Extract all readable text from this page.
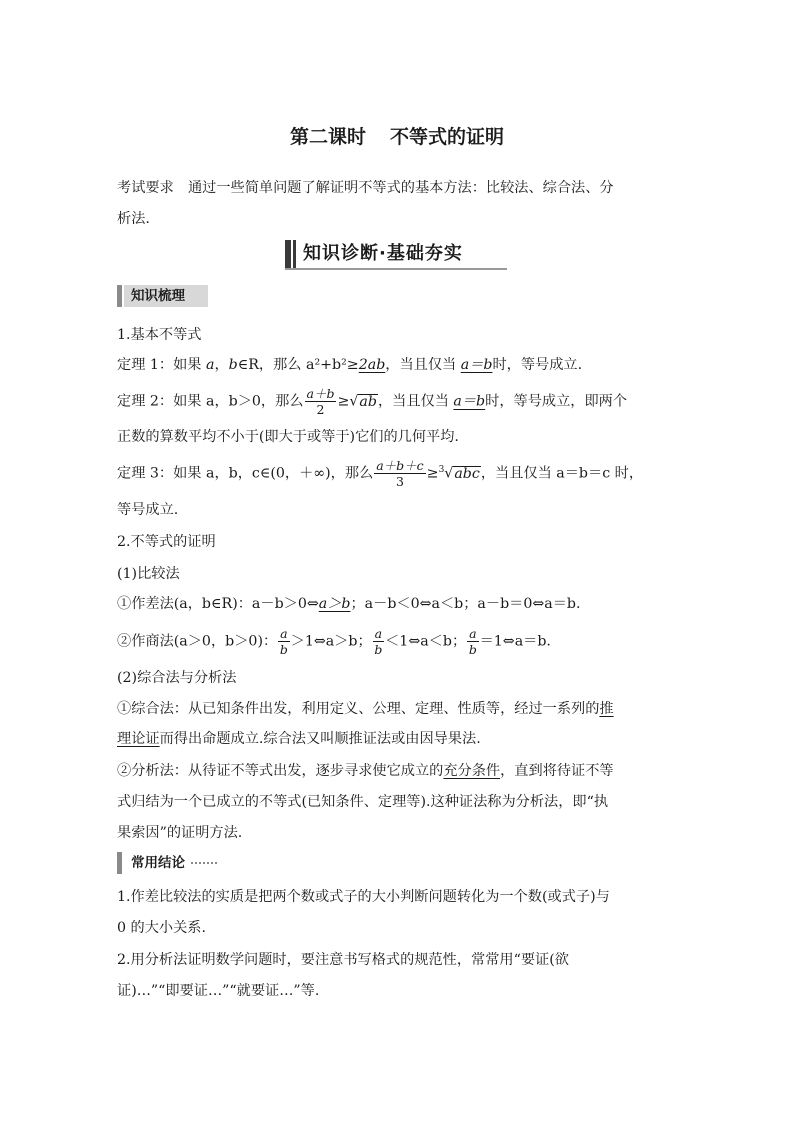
第二课时 不等式的证明
考试要求　通过一些简单问题了解证明不等式的基本方法：比较法、综合法、分
析法.
知识诊断·基础夯实
知识梳理
1.基本不等式
定理 1：如果 a，b∈R，那么 a²+b²≥2ab，当且仅当 a＝b时，等号成立.
定理 2：如果 a，b＞0，那么 $\frac{a+b}{2} \ge√ab$，当且仅当 a＝b时，等号成立，即两个
正数的算数平均不小于(即大于或等于)它们的几何平均.
定理 3：如果 a，b，c∈(0，＋∞)，那么 $\frac{a+b+c}{3} \ge^3√abc$，当且仅当 a＝b＝c 时，
等号成立.
2.不等式的证明
(1)比较法
①作差法(a，b∈R)：a－b＞0⇔a＞b；a－b＜0⇔a＜b；a－b＝0⇔a＝b.
②作商法(a＞0，b＞0)： $\frac{a}{b}$ ＞1⇔a＞b； $\frac{a}{b}$ ＜1⇔a＜b； $\frac{a}{b}$ ＝1⇔a＝b.
(2)综合法与分析法
①综合法：从已知条件出发，利用定义、公理、定理、性质等，经过一系列的推
理论证而得出命题成立.综合法又叫顺推证法或由因导果法.
②分析法：从待证不等式出发，逐步寻求使它成立的充分条件，直到将待证不等
式归结为一个已成立的不等式(已知条件、定理等).这种证法称为分析法，即“执
果索因”的证明方法.
常用结论
1.作差比较法的实质是把两个数或式子的大小判断问题转化为一个数(或式子)与
0 的大小关系.
2.用分析法证明数学问题时，要注意书写格式的规范性，常常用“要证(欲
证)…”“即要证…”“就要证…”等.
